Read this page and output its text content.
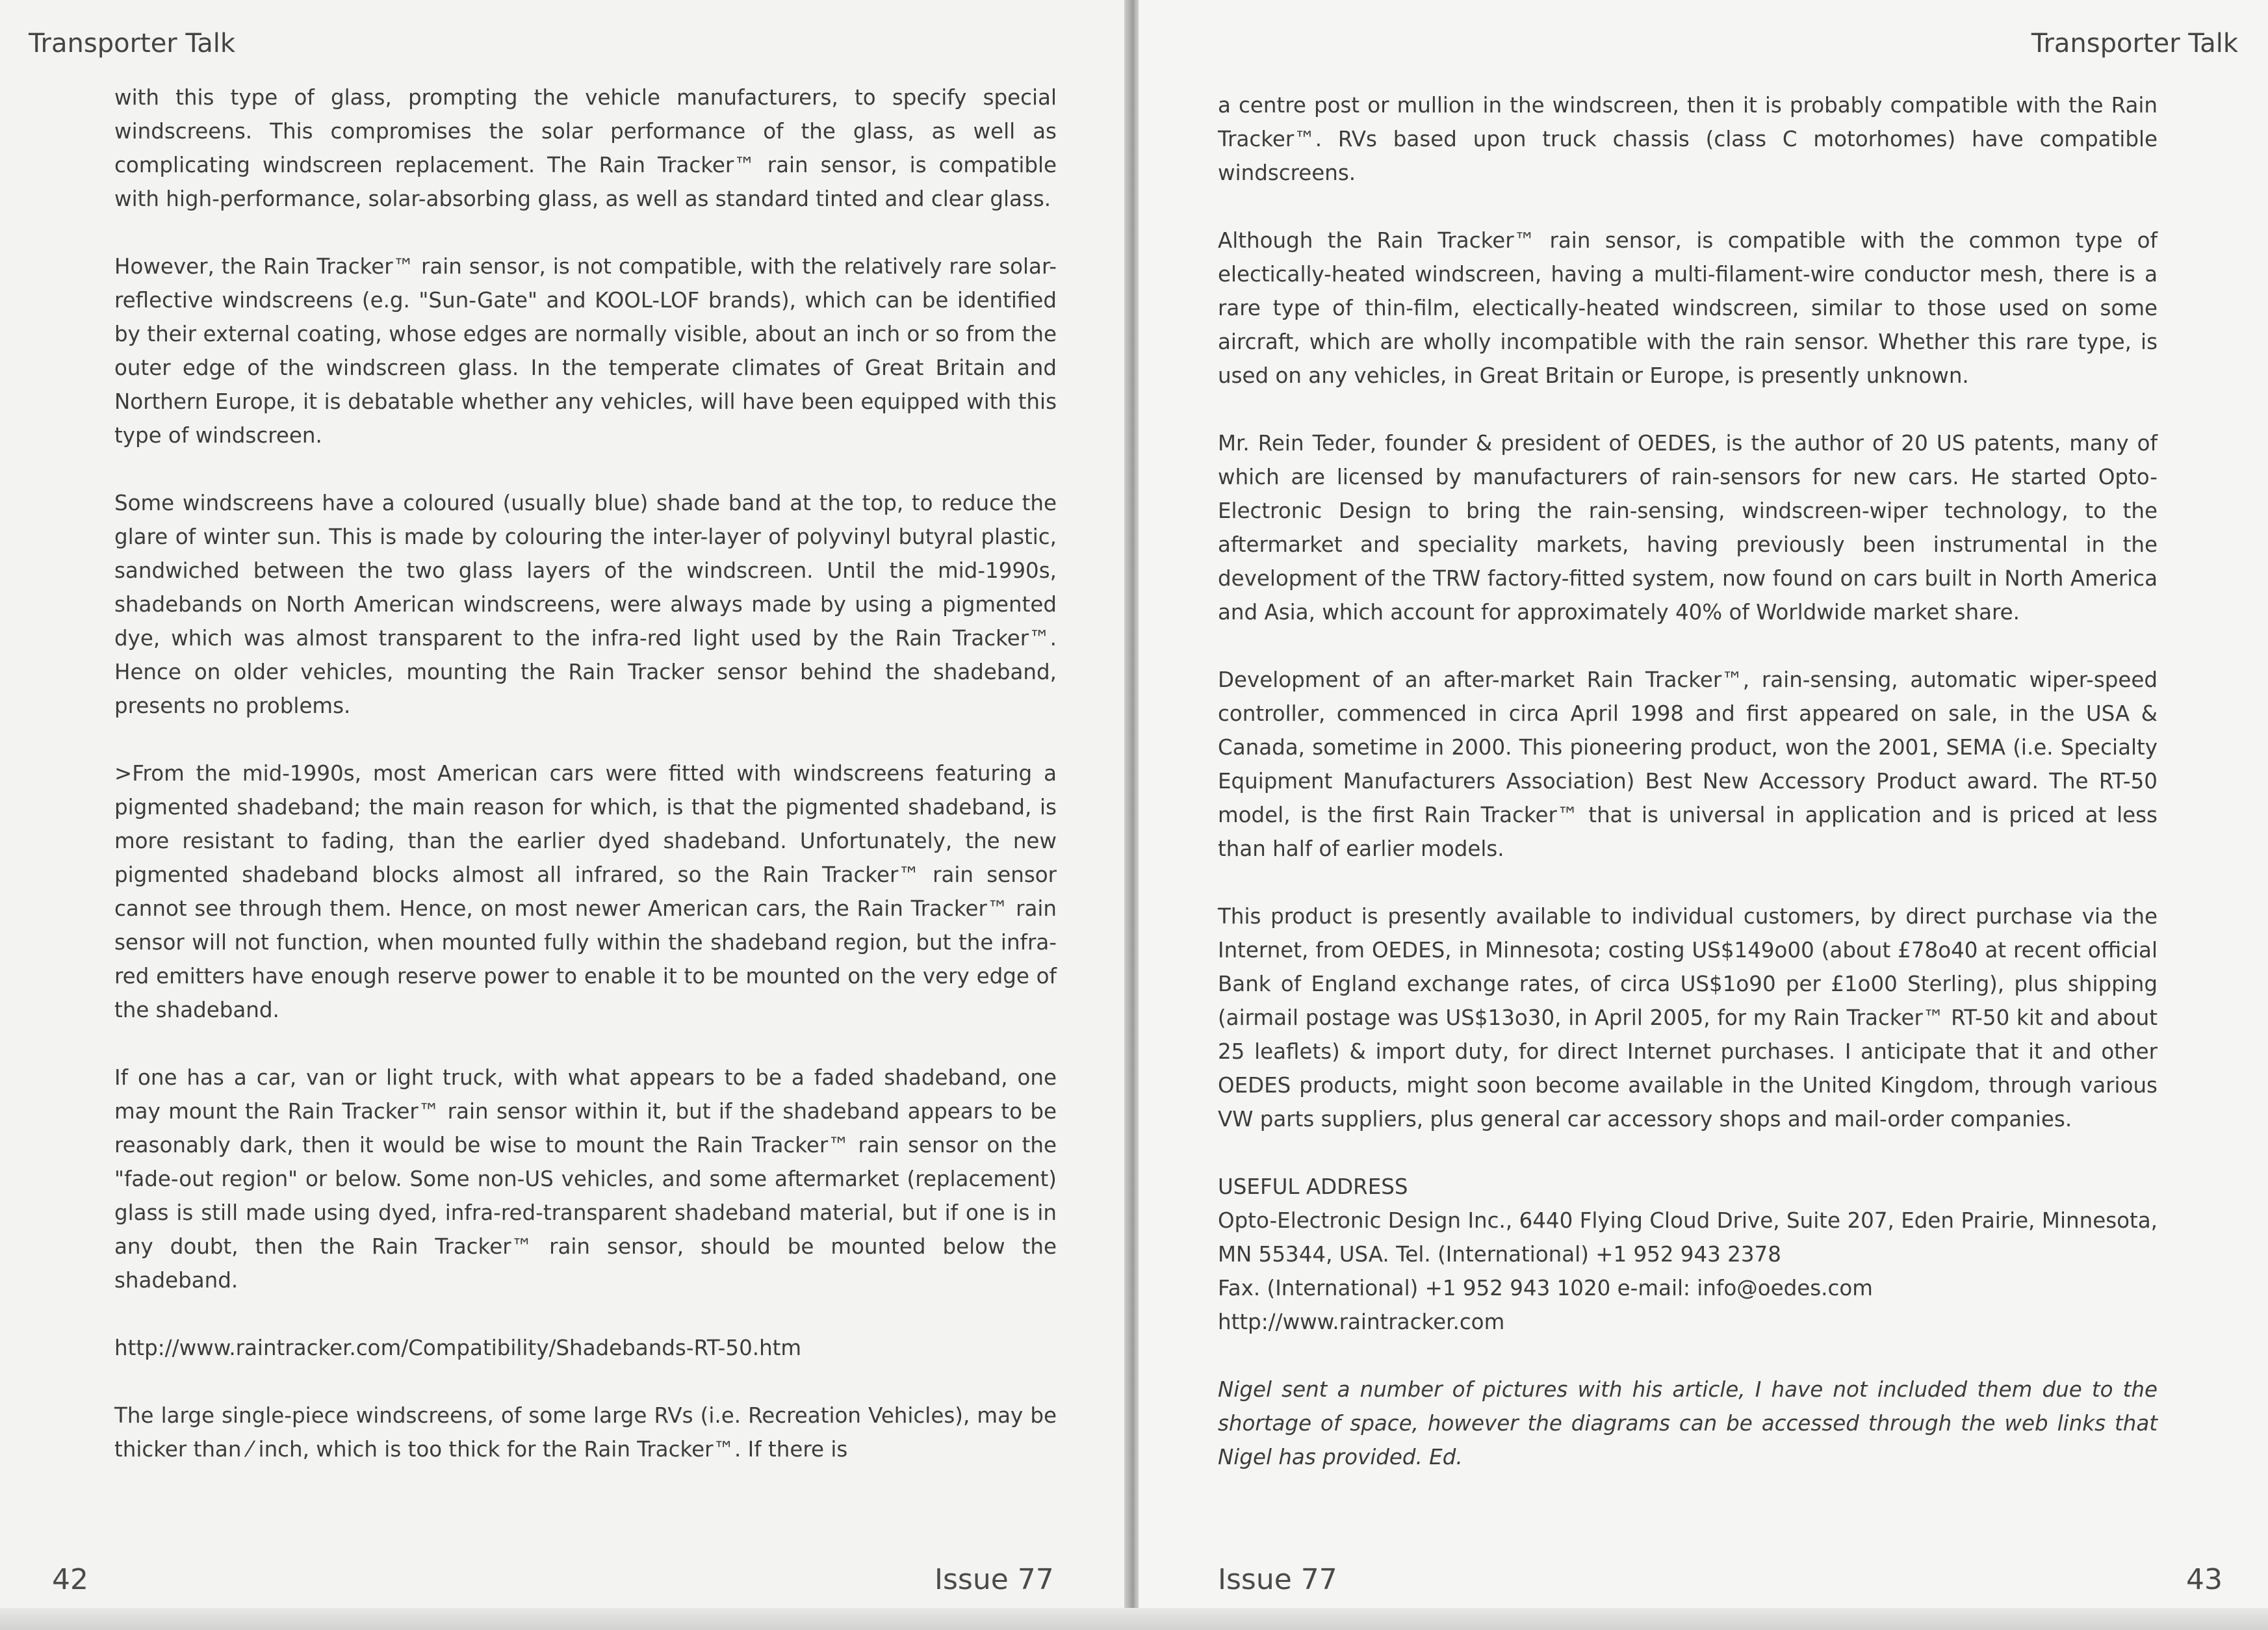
Transporter Talk

with this type of glass, prompting the vehicle manufacturers, to specify special windscreens. This compromises the solar performance of the glass, as well as complicating windscreen replacement. The Rain Tracker™ rain sensor, is compatible with high-performance, solar-absorbing glass, as well as standard tinted and clear glass.

However, the Rain Tracker™ rain sensor, is not compatible, with the relatively rare solar-reflective windscreens (e.g. "Sun-Gate" and KOOL-LOF brands), which can be identified by their external coating, whose edges are normally visible, about an inch or so from the outer edge of the windscreen glass. In the temperate climates of Great Britain and Northern Europe, it is debatable whether any vehicles, will have been equipped with this type of windscreen.

Some windscreens have a coloured (usually blue) shade band at the top, to reduce the glare of winter sun. This is made by colouring the inter-layer of polyvinyl butyral plastic, sandwiched between the two glass layers of the windscreen. Until the mid-1990s, shadebands on North American windscreens, were always made by using a pigmented dye, which was almost transparent to the infra-red light used by the Rain Tracker™. Hence on older vehicles, mounting the Rain Tracker sensor behind the shadeband, presents no problems.

>From the mid-1990s, most American cars were fitted with windscreens featuring a pigmented shadeband; the main reason for which, is that the pigmented shadeband, is more resistant to fading, than the earlier dyed shadeband. Unfortunately, the new pigmented shadeband blocks almost all infrared, so the Rain Tracker™ rain sensor cannot see through them. Hence, on most newer American cars, the Rain Tracker™ rain sensor will not function, when mounted fully within the shadeband region, but the infra-red emitters have enough reserve power to enable it to be mounted on the very edge of the shadeband.

If one has a car, van or light truck, with what appears to be a faded shadeband, one may mount the Rain Tracker™ rain sensor within it, but if the shadeband appears to be reasonably dark, then it would be wise to mount the Rain Tracker™ rain sensor on the "fade-out region" or below. Some non-US vehicles, and some aftermarket (replacement) glass is still made using dyed, infra-red-transparent shadeband material, but if one is in any doubt, then the Rain Tracker™ rain sensor, should be mounted below the shadeband.

http://www.raintracker.com/Compatibility/Shadebands-RT-50.htm

The large single-piece windscreens, of some large RVs (i.e. Recreation Vehicles), may be thicker than ⁄ inch, which is too thick for the Rain Tracker™. If there is

42	Issue 77
Transporter Talk

a centre post or mullion in the windscreen, then it is probably compatible with the Rain Tracker™. RVs based upon truck chassis (class C motorhomes) have compatible windscreens.

Although the Rain Tracker™ rain sensor, is compatible with the common type of electically-heated windscreen, having a multi-filament-wire conductor mesh, there is a rare type of thin-film, electically-heated windscreen, similar to those used on some aircraft, which are wholly incompatible with the rain sensor. Whether this rare type, is used on any vehicles, in Great Britain or Europe, is presently unknown.

Mr. Rein Teder, founder & president of OEDES, is the author of 20 US patents, many of which are licensed by manufacturers of rain-sensors for new cars. He started Opto-Electronic Design to bring the rain-sensing, windscreen-wiper technology, to the aftermarket and speciality markets, having previously been instrumental in the development of the TRW factory-fitted system, now found on cars built in North America and Asia, which account for approximately 40% of Worldwide market share.

Development of an after-market Rain Tracker™, rain-sensing, automatic wiper-speed controller, commenced in circa April 1998 and first appeared on sale, in the USA & Canada, sometime in 2000. This pioneering product, won the 2001, SEMA (i.e. Specialty Equipment Manufacturers Association) Best New Accessory Product award. The RT-50 model, is the first Rain Tracker™ that is universal in application and is priced at less than half of earlier models.

This product is presently available to individual customers, by direct purchase via the Internet, from OEDES, in Minnesota; costing US$149o00 (about £78o40 at recent official Bank of England exchange rates, of circa US$1o90 per £1o00 Sterling), plus shipping (airmail postage was US$13o30, in April 2005, for my Rain Tracker™ RT-50 kit and about 25 leaflets) & import duty, for direct Internet purchases. I anticipate that it and other OEDES products, might soon become available in the United Kingdom, through various VW parts suppliers, plus general car accessory shops and mail-order companies.

USEFUL ADDRESS
Opto-Electronic Design Inc., 6440 Flying Cloud Drive, Suite 207, Eden Prairie, Minnesota, MN 55344, USA. Tel. (International) +1 952 943 2378
Fax. (International) +1 952 943 1020 e-mail: info@oedes.com
http://www.raintracker.com

Nigel sent a number of pictures with his article, I have not included them due to the shortage of space, however the diagrams can be accessed through the web links that Nigel has provided. Ed.

Issue 77	43
